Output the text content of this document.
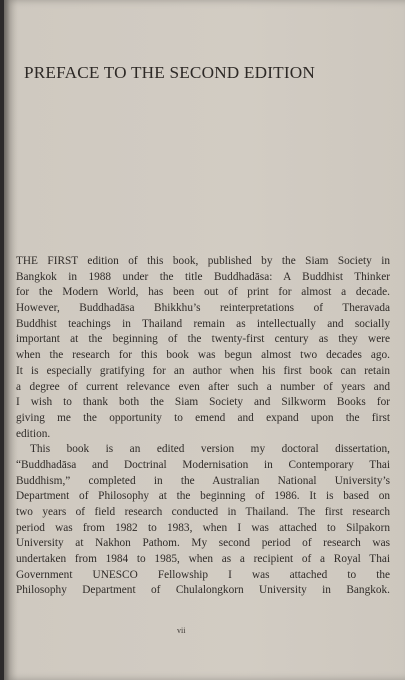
PREFACE TO THE SECOND EDITION
THE FIRST edition of this book, published by the Siam Society in
Bangkok in 1988 under the title Buddhadāsa: A Buddhist Thinker
for the Modern World, has been out of print for almost a decade.
However, Buddhadāsa Bhikkhu’s reinterpretations of Theravada
Buddhist teachings in Thailand remain as intellectually and socially
important at the beginning of the twenty-first century as they were
when the research for this book was begun almost two decades ago.
It is especially gratifying for an author when his first book can retain
a degree of current relevance even after such a number of years and
I wish to thank both the Siam Society and Silkworm Books for
giving me the opportunity to emend and expand upon the first
edition.
This book is an edited version my doctoral dissertation,
“Buddhadāsa and Doctrinal Modernisation in Contemporary Thai
Buddhism,” completed in the Australian National University’s
Department of Philosophy at the beginning of 1986. It is based on
two years of field research conducted in Thailand. The first research
period was from 1982 to 1983, when I was attached to Silpakorn
University at Nakhon Pathom. My second period of research was
undertaken from 1984 to 1985, when as a recipient of a Royal Thai
Government UNESCO Fellowship I was attached to the
Philosophy Department of Chulalongkorn University in Bangkok.
vii
